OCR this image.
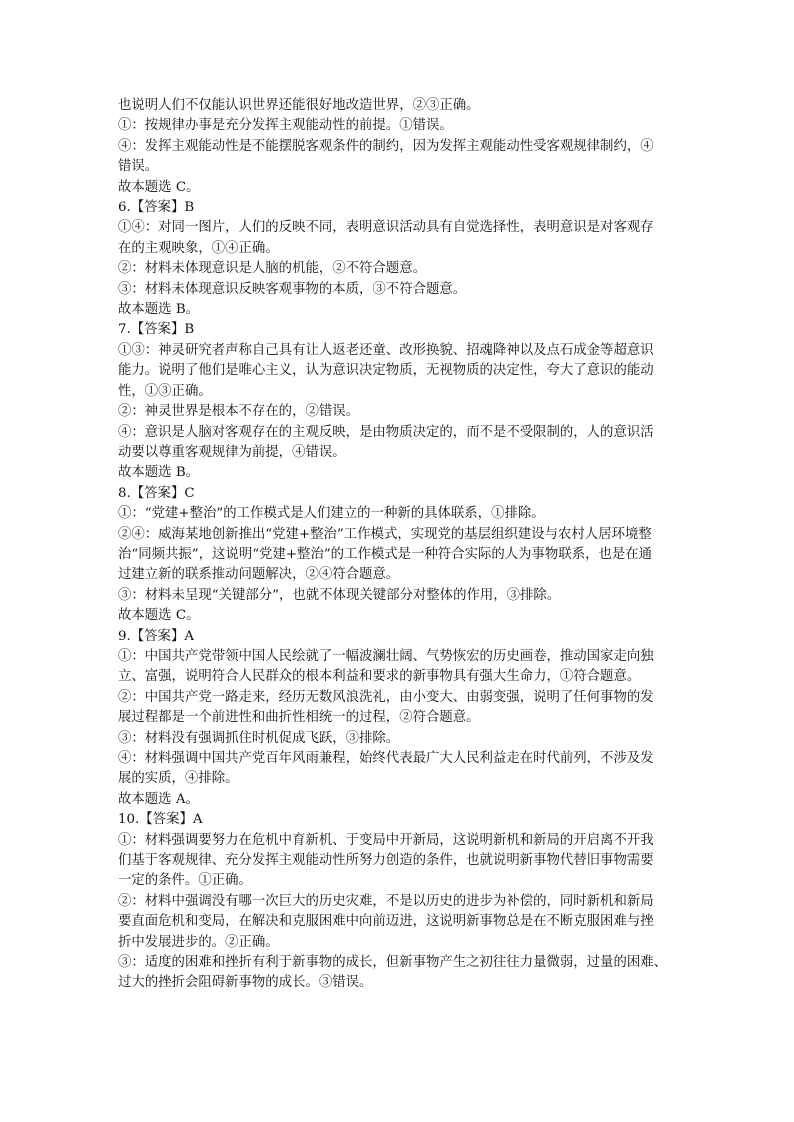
也说明人们不仅能认识世界还能很好地改造世界，②③正确。

①：按规律办事是充分发挥主观能动性的前提。①错误。

④：发挥主观能动性是不能摆脱客观条件的制约，因为发挥主观能动性受客观规律制约，④

错误。

故本题选 C。

6.【答案】B

①④：对同一图片，人们的反映不同，表明意识活动具有自觉选择性，表明意识是对客观存

在的主观映象，①④正确。

②：材料未体现意识是人脑的机能，②不符合题意。

③：材料未体现意识反映客观事物的本质，③不符合题意。

故本题选 B。

7.【答案】B

①③：神灵研究者声称自己具有让人返老还童、改形换貌、招魂降神以及点石成金等超意识

能力。说明了他们是唯心主义，认为意识决定物质，无视物质的决定性，夸大了意识的能动

性，①③正确。

②：神灵世界是根本不存在的，②错误。

④：意识是人脑对客观存在的主观反映，是由物质决定的，而不是不受限制的，人的意识活

动要以尊重客观规律为前提，④错误。

故本题选 B。

8.【答案】C

①：“党建+整治”的工作模式是人们建立的一种新的具体联系，①排除。

②④：威海某地创新推出“党建+整治”工作模式，实现党的基层组织建设与农村人居环境整

治“同频共振”，这说明“党建+整治”的工作模式是一种符合实际的人为事物联系，也是在通

过建立新的联系推动问题解决，②④符合题意。

③：材料未呈现“关键部分”，也就不体现关键部分对整体的作用，③排除。

故本题选 C。

9.【答案】A

①：中国共产党带领中国人民绘就了一幅波澜壮阔、气势恢宏的历史画卷，推动国家走向独

立、富强，说明符合人民群众的根本利益和要求的新事物具有强大生命力，①符合题意。

②：中国共产党一路走来，经历无数风浪洗礼，由小变大、由弱变强，说明了任何事物的发

展过程都是一个前进性和曲折性相统一的过程，②符合题意。

③：材料没有强调抓住时机促成飞跃，③排除。

④：材料强调中国共产党百年风雨兼程，始终代表最广大人民利益走在时代前列，不涉及发

展的实质，④排除。

故本题选 A。

10.【答案】A

①：材料强调要努力在危机中育新机、于变局中开新局，这说明新机和新局的开启离不开我

们基于客观规律、充分发挥主观能动性所努力创造的条件，也就说明新事物代替旧事物需要

一定的条件。①正确。

②：材料中强调没有哪一次巨大的历史灾难，不是以历史的进步为补偿的，同时新机和新局

要直面危机和变局，在解决和克服困难中向前迈进，这说明新事物总是在不断克服困难与挫

折中发展进步的。②正确。

③：适度的困难和挫折有利于新事物的成长，但新事物产生之初往往力量微弱，过量的困难、

过大的挫折会阻碍新事物的成长。③错误。
